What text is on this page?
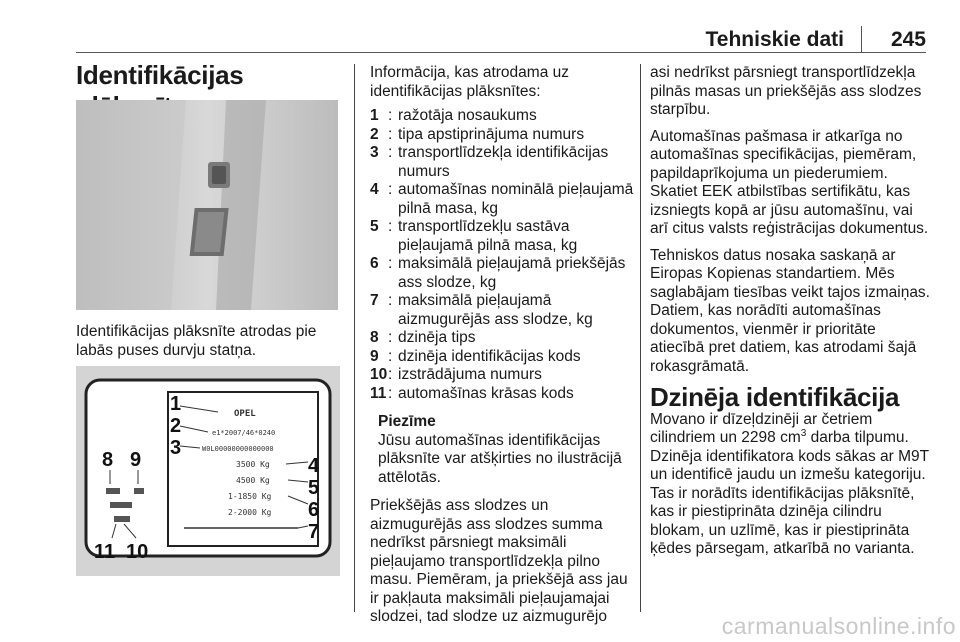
Tehniskie dati 245
Identifikācijas
Identifikācijas plāksnīte atrodas pie labās puses durvju statņa.
OPEL
e1*2007/46*0240
W0L00000000000000
3500 Kg
4500 Kg
1-1850 Kg
2-2000 Kg
1
2
3
4
5
6
7
8 9
10
11

Informācija, kas atrodama uz identifikācijas plāksnītes:

1 : ražotāja nosaukums
2 : tipa apstiprinājuma numurs
3 : transportlīdzekļa identifikācijas numurs
4 : automašīnas nominālā pieļaujamā pilnā masa, kg
5 : transportlīdzekļu sastāva pieļaujamā pilnā masa, kg
6 : maksimālā pieļaujamā priekšējās ass slodze, kg
7 : maksimālā pieļaujamā aizmugurējās ass slodze, kg
8 : dzinēja tips
9 : dzinēja identifikācijas kods
10 : izstrādājuma numurs
11 : automašīnas krāsas kods
Piezīme
Jūsu automašīnas identifikācijas plāksnīte var atšķirties no ilustrācijā attēlotās.

Priekšējās ass slodzes un aizmugurējās ass slodzes summa nedrīkst pārsniegt maksimāli pieļaujamo transportlīdzekļa pilno masu. Piemēram, ja priekšējā ass jau ir pakļauta maksimāli pieļaujamajai slodzei, tad slodze uz aizmugurējo

asi nedrīkst pārsniegt transportlīdzekļa pilnās masas un priekšējās ass slodzes starpību.

Automašīnas pašmasa ir atkarīga no automašīnas specifikācijas, piemēram, papildaprīkojuma un piederumiem. Skatiet EEK atbilstības sertifikātu, kas izsniegts kopā ar jūsu automašīnu, vai arī citus valsts reģistrācijas dokumentus.

Tehniskos datus nosaka saskaņā ar Eiropas Kopienas standartiem. Mēs saglabājam tiesības veikt tajos izmaiņas. Datiem, kas norādīti automašīnas dokumentos, vienmēr ir prioritāte atiecībā pret datiem, kas atrodami šajā rokasgrāmatā.

Dzinēja identifikācija

Movano ir dīzeļdzinēji ar četriem cilindriem un 2298 $cm^3$ darba tilpumu. Dzinēja identifikatora kods sākas ar M9T un identificē jaudu un izmešu kategoriju. Tas ir norādīts identifikācijas plāksnītē, kas ir piestiprināta dzinēja cilindru blokam, un uzlīmē, kas ir piestiprināta ķēdes pārsegam, atkarībā no varianta.

carmanualsonline.info
